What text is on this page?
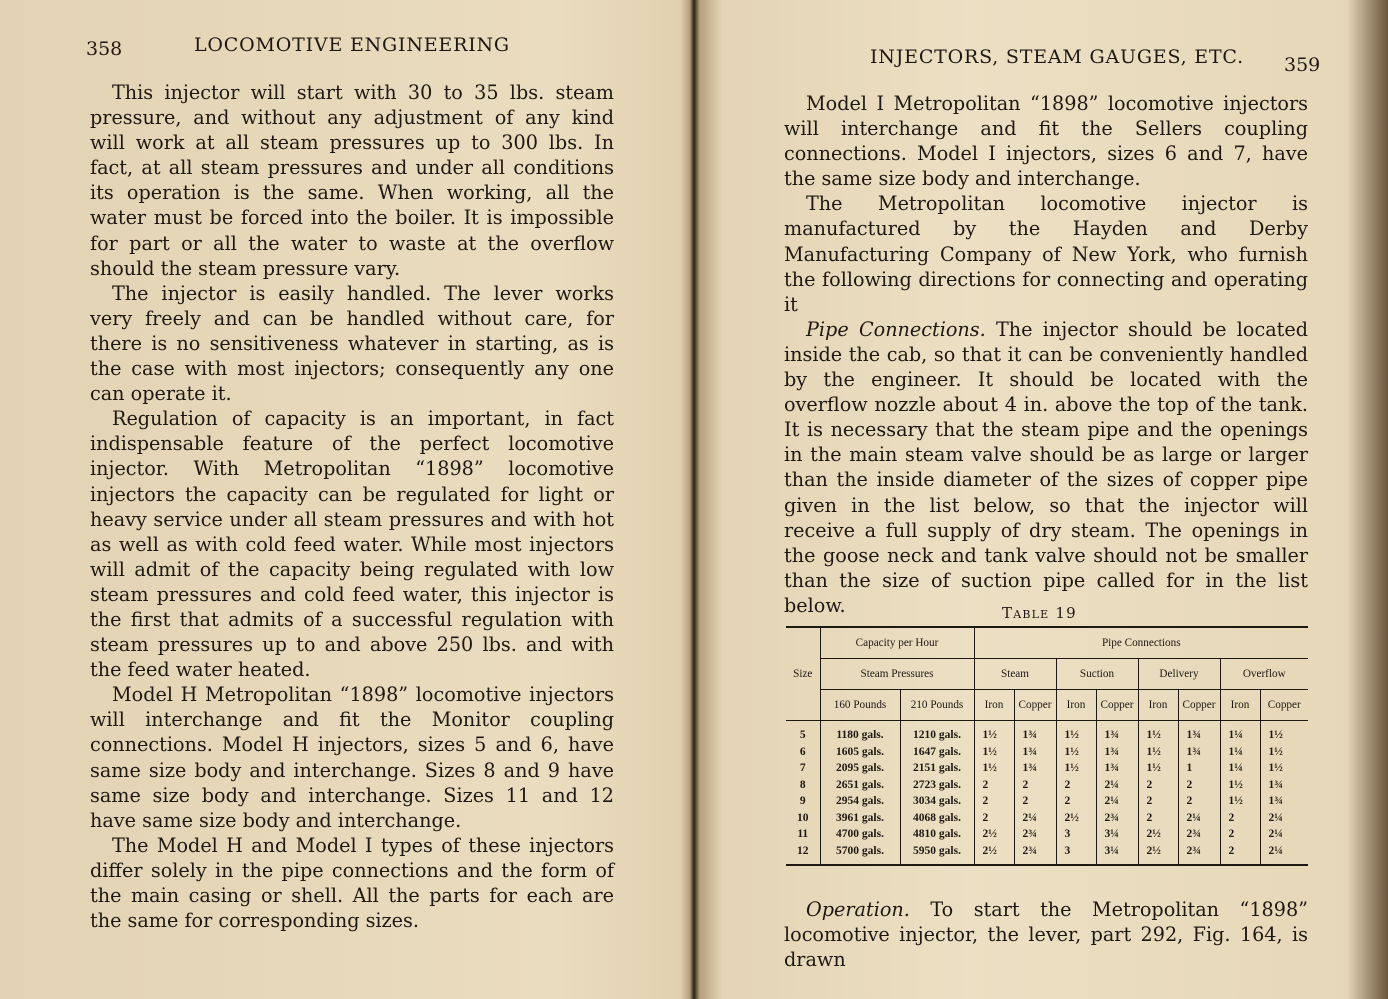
358	LOCOMOTIVE ENGINEERING

This injector will start with 30 to 35 lbs. steam pressure, and without any adjustment of any kind will work at all steam pressures up to 300 lbs. In fact, at all steam pressures and under all conditions its operation is the same. When working, all the water must be forced into the boiler. It is impossible for part or all the water to waste at the overflow should the steam pressure vary.

The injector is easily handled. The lever works very freely and can be handled without care, for there is no sensitiveness whatever in starting, as is the case with most injectors; consequently any one can operate it.

Regulation of capacity is an important, in fact indispensable feature of the perfect locomotive injector. With Metropolitan “1898” locomotive injectors the capacity can be regulated for light or heavy service under all steam pressures and with hot as well as with cold feed water. While most injectors will admit of the capacity being regulated with low steam pressures and cold feed water, this injector is the first that admits of a successful regulation with steam pressures up to and above 250 lbs. and with the feed water heated.

Model H Metropolitan “1898” locomotive injectors will interchange and fit the Monitor coupling connections. Model H injectors, sizes 5 and 6, have same size body and interchange. Sizes 8 and 9 have same size body and interchange. Sizes 11 and 12 have same size body and interchange.

The Model H and Model I types of these injectors differ solely in the pipe connections and the form of the main casing or shell. All the parts for each are the same for corresponding sizes.

INJECTORS, STEAM GAUGES, ETC. 359

Model I Metropolitan “1898” locomotive injectors will interchange and fit the Sellers coupling connections. Model I injectors, sizes 6 and 7, have the same size body and interchange.

The Metropolitan locomotive injector is manufactured by the Hayden and Derby Manufacturing Company of New York, who furnish the following directions for connecting and operating it

Pipe Connections. The injector should be located inside the cab, so that it can be conveniently handled by the engineer. It should be located with the overflow nozzle about 4 in. above the top of the tank. It is necessary that the steam pipe and the openings in the main steam valve should be as large or larger than the inside diameter of the sizes of copper pipe given in the list below, so that the injector will receive a full supply of dry steam. The openings in the goose neck and tank valve should not be smaller than the size of suction pipe called for in the list below.	Table 19
Size	Capacity per Hour		Pipe Connections							
	Steam Pressures		Steam		Suction		Delivery		Overflow	
	160 Pounds	210 Pounds	Iron	Copper	Iron	Copper	Iron	Copper	Iron	Copper
5	1180 gals.	1210 gals.	1½	1¾	1½	1¾	1½	1¾	1¼	1½
6	1605 gals.	1647 gals.	1½	1¾	1½	1¾	1½	1¾	1¼	1½
7	2095 gals.	2151 gals.	1½	1¾	1½	1¾	1½	1	1¼	1½
8	2651 gals.	2723 gals.	2	2	2	2¼	2	2	1½	1¾
9	2954 gals.	3034 gals.	2	2	2	2¼	2	2	1½	1¾
10	3961 gals.	4068 gals.	2	2¼	2½	2¾	2	2¼	2	2¼
11	4700 gals.	4810 gals.	2½	2¾	3	3¼	2½	2¾	2	2¼
12	5700 gals.	5950 gals.	2½	2¾	3	3¼	2½	2¾	2	2¼

Operation. To start the Metropolitan “1898” locomotive injector, the lever, part 292, Fig. 164, is drawn
